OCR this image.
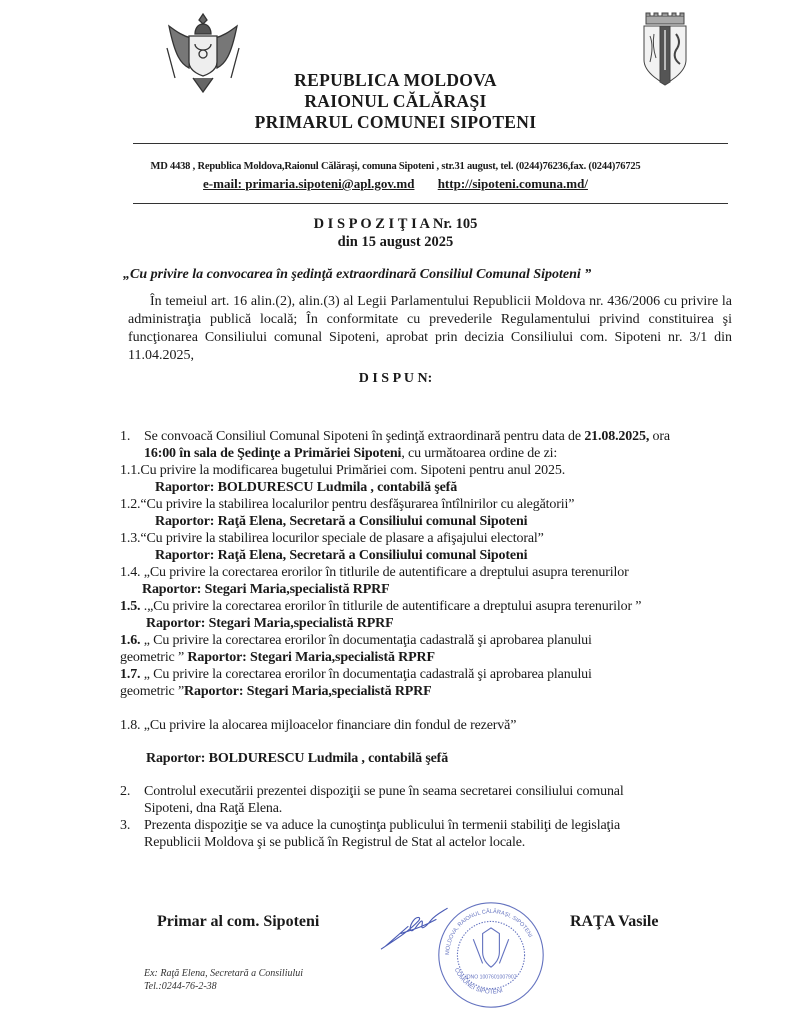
REPUBLICA MOLDOVA
RAIONUL CĂLĂRAŞI
PRIMARUL COMUNEI SIPOTENI
MD 4438 , Republica Moldova,Raionul Călăraşi, comuna Sipoteni , str.31 august, tel. (0244)76236,fax. (0244)76725
e-mail: primaria.sipoteni@apl.gov.md http://sipoteni.comuna.md/
D I S P O Z I Ţ I A Nr. 105
din 15 august 2025
„Cu privire la convocarea în şedinţă extraordinară Consiliul Comunal Sipoteni ”
În temeiul art. 16 alin.(2), alin.(3) al Legii Parlamentului Republicii Moldova nr. 436/2006 cu privire la administraţia publică locală; În conformitate cu prevederile Regulamentului privind constituirea şi funcţionarea Consiliului comunal Sipoteni, aprobat prin decizia Consiliului com. Sipoteni nr. 3/1 din 11.04.2025,
D I S P U N:
1. Se convoacă Consiliul Comunal Sipoteni în şedinţă extraordinară pentru data de 21.08.2025, ora
16:00 în sala de Şedinţe a Primăriei Sipoteni, cu următoarea ordine de zi:
1.1.Cu privire la modificarea bugetului Primăriei com. Sipoteni pentru anul 2025.
Raportor: BOLDURESCU Ludmila , contabilă şefă
1.2.“Cu privire la stabilirea localurilor pentru desfăşurarea întîlnirilor cu alegătorii”
Raportor: Raţă Elena, Secretară a Consiliului comunal Sipoteni
1.3.“Cu privire la stabilirea locurilor speciale de plasare a afişajului electoral”
Raportor: Raţă Elena, Secretară a Consiliului comunal Sipoteni
1.4. „Cu privire la corectarea erorilor în titlurile de autentificare a dreptului asupra terenurilor
Raportor: Stegari Maria,specialistă RPRF
1.5. .„Cu privire la corectarea erorilor în titlurile de autentificare a dreptului asupra terenurilor ”
Raportor: Stegari Maria,specialistă RPRF
1.6. „ Cu privire la corectarea erorilor în documentaţia cadastrală şi aprobarea planului
geometric ” Raportor: Stegari Maria,specialistă RPRF
1.7. „ Cu privire la corectarea erorilor în documentaţia cadastrală şi aprobarea planului
geometric ”Raportor: Stegari Maria,specialistă RPRF
1.8. „Cu privire la alocarea mijloacelor financiare din fondul de rezervă”
Raportor: BOLDURESCU Ludmila , contabilă şefă
2. Controlul executării prezentei dispoziţii se pune în seama secretarei consiliului comunal
Sipoteni, dna Raţă Elena.
3. Prezenta dispoziţie se va aduce la cunoştinţa publicului în termenii stabiliţi de legislaţia
Republicii Moldova şi se publică în Registrul de Stat al actelor locale.
Primar al com. Sipoteni	RAŢA Vasile
MOLDOVA, RAIONUL CĂLĂRAŞI, SIPOTENI
COMUNEI SIPOTENI
IDNO 1007601007907
Ex: Raţă Elena, Secretară a Consiliului
Tel.:0244-76-2-38
